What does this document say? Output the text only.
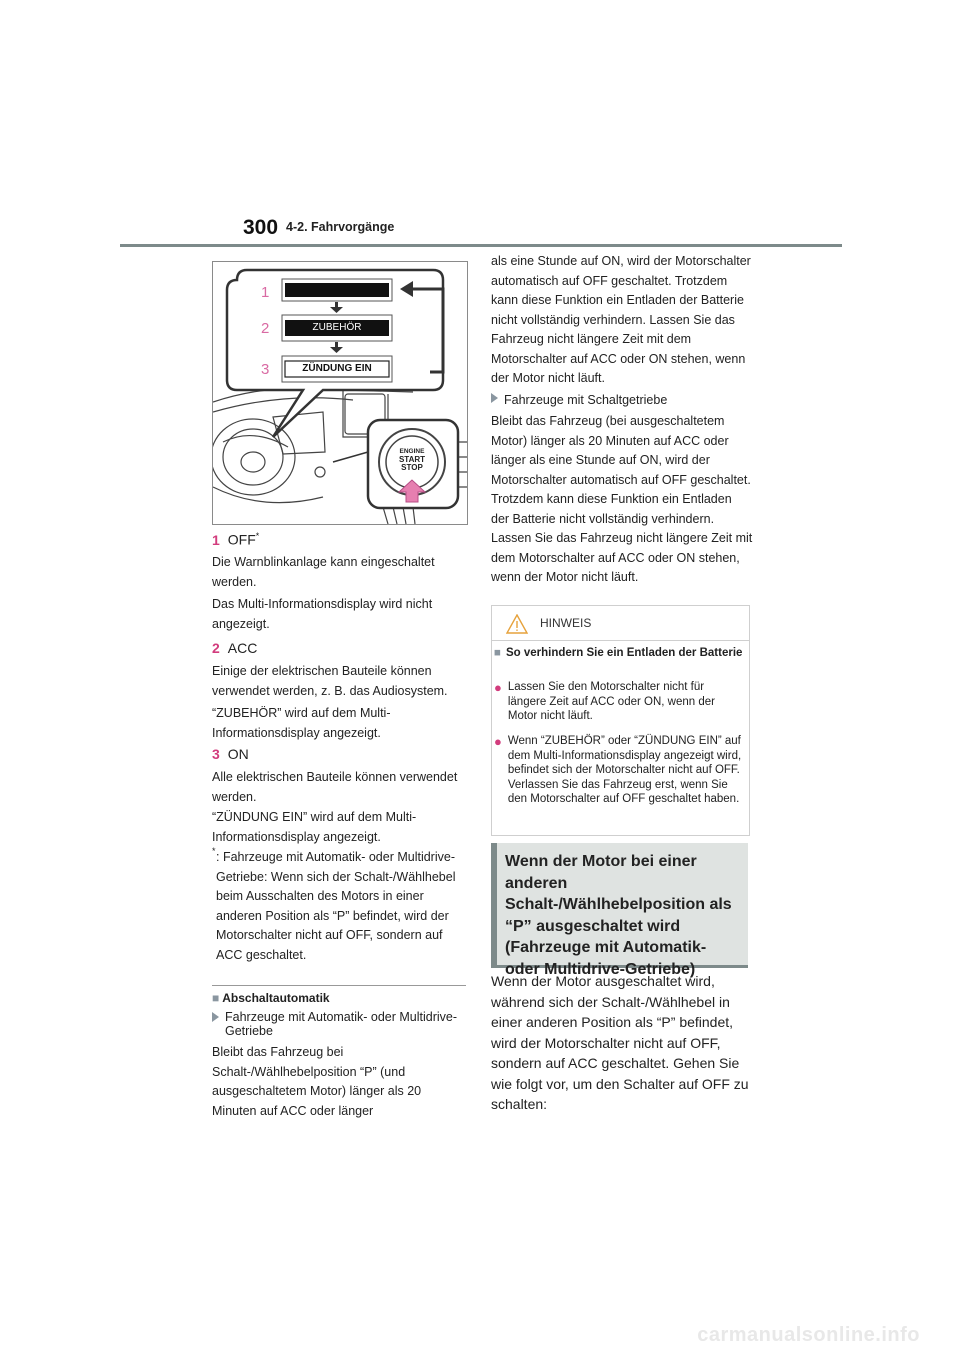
300 4-2. Fahrvorgänge
1
2
3
ZUBEHÖR
ZÜNDUNG EIN
ENGINE
START
STOP
1 OFF*

Die Warnblinkanlage kann eingeschaltet werden.

Das Multi-Informationsdisplay wird nicht angezeigt.

2 ACC

Einige der elektrischen Bauteile können verwendet werden, z. B. das Audiosystem.

“ZUBEHÖR” wird auf dem Multi-Informationsdisplay angezeigt.

3 ON

Alle elektrischen Bauteile können verwendet werden.

“ZÜNDUNG EIN” wird auf dem Multi-Informationsdisplay angezeigt.

* : Fahrzeuge mit Automatik- oder Multidrive-Getriebe: Wenn sich der Schalt-/Wählhebel beim Ausschalten des Motors in einer anderen Position als “P” befindet, wird der Motorschalter nicht auf OFF, sondern auf ACC geschaltet.

■ Abschaltautomatik
Fahrzeuge mit Automatik- oder Multidrive-Getriebe

Bleibt das Fahrzeug bei Schalt-/Wählhebelposition “P” (und ausgeschaltetem Motor) länger als 20 Minuten auf ACC oder länger

als eine Stunde auf ON, wird der Motorschalter automatisch auf OFF geschaltet. Trotzdem kann diese Funktion ein Entladen der Batterie nicht vollständig verhindern. Lassen Sie das Fahrzeug nicht längere Zeit mit dem Motorschalter auf ACC oder ON stehen, wenn der Motor nicht läuft.

Fahrzeuge mit Schaltgetriebe

Bleibt das Fahrzeug (bei ausgeschaltetem Motor) länger als 20 Minuten auf ACC oder länger als eine Stunde auf ON, wird der Motorschalter automatisch auf OFF geschaltet. Trotzdem kann diese Funktion ein Entladen der Batterie nicht vollständig verhindern. Lassen Sie das Fahrzeug nicht längere Zeit mit dem Motorschalter auf ACC oder ON stehen, wenn der Motor nicht läuft.

HINWEIS
■ So verhindern Sie ein Entladen der Batterie
● Lassen Sie den Motorschalter nicht für längere Zeit auf ACC oder ON, wenn der Motor nicht läuft.
● Wenn “ZUBEHÖR” oder “ZÜNDUNG EIN” auf dem Multi-Informationsdisplay angezeigt wird, befindet sich der Motorschalter nicht auf OFF. Verlassen Sie das Fahrzeug erst, wenn Sie den Motorschalter auf OFF geschaltet haben.
Wenn der Motor bei einer anderen Schalt-/Wählhebelposition als “P” ausgeschaltet wird (Fahrzeuge mit Automatik- oder Multidrive-Getriebe)

Wenn der Motor ausgeschaltet wird, während sich der Schalt-/Wählhebel in einer anderen Position als “P” befindet, wird der Motorschalter nicht auf OFF, sondern auf ACC geschaltet. Gehen Sie wie folgt vor, um den Schalter auf OFF zu schalten:

carmanualsonline.info
